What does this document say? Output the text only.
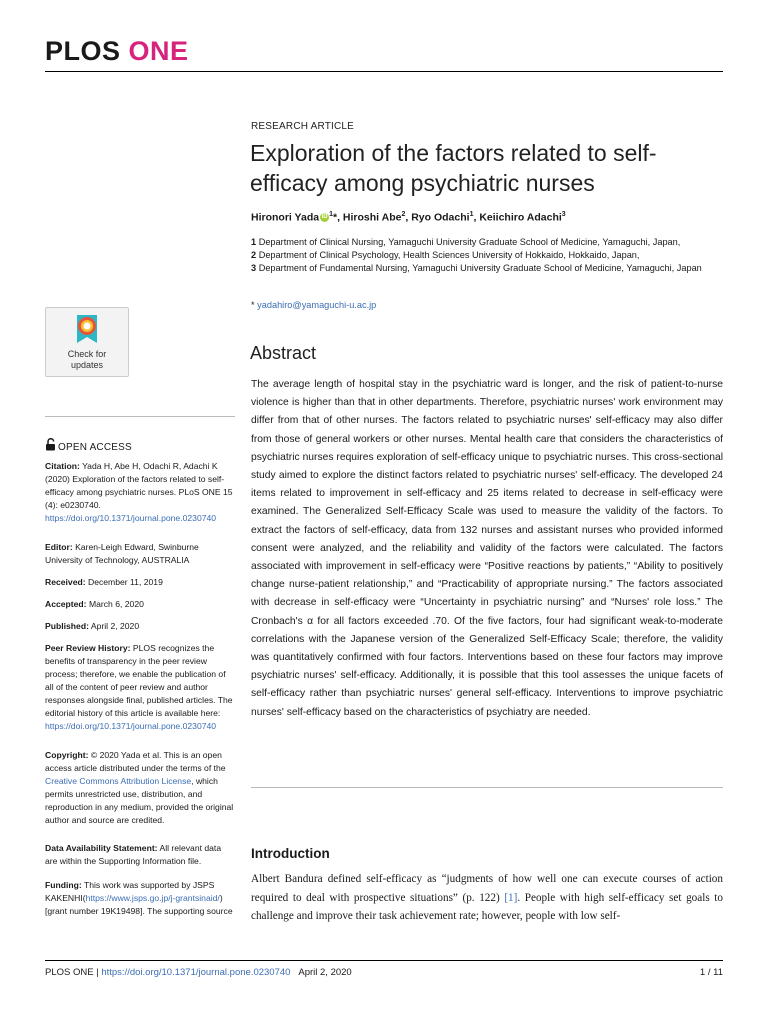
PLOS ONE
RESEARCH ARTICLE
Exploration of the factors related to self-efficacy among psychiatric nurses
Hironori Yada iD $^1$*, Hiroshi Abe$^2$, Ryo Odachi$^1$, Keiichiro Adachi$^3$
1 Department of Clinical Nursing, Yamaguchi University Graduate School of Medicine, Yamaguchi, Japan,
2 Department of Clinical Psychology, Health Sciences University of Hokkaido, Hokkaido, Japan,
3 Department of Fundamental Nursing, Yamaguchi University Graduate School of Medicine, Yamaguchi, Japan
* yadahiro@yamaguchi-u.ac.jp
Check for
updates
Abstract

The average length of hospital stay in the psychiatric ward is longer, and the risk of patient-to-nurse violence is higher than that in other departments. Therefore, psychiatric nurses' work environment may differ from that of other nurses. The factors related to psychiatric nurses' self-efficacy may also differ from those of general workers or other nurses. Mental health care that considers the characteristics of psychiatric nurses requires exploration of self-efficacy unique to psychiatric nurses. This cross-sectional study aimed to explore the distinct factors related to psychiatric nurses' self-efficacy. The developed 24 items related to improvement in self-efficacy and 25 items related to decrease in self-efficacy were examined. The Generalized Self-Efficacy Scale was used to measure the validity of the factors. To extract the factors of self-efficacy, data from 132 nurses and assistant nurses who provided informed consent were analyzed, and the reliability and validity of the factors were calculated. The factors associated with improvement in self-efficacy were “Positive reactions by patients,” “Ability to positively change nurse-patient relationship,” and “Practicability of appropriate nursing.” The factors associated with decrease in self-efficacy were “Uncertainty in psychiatric nursing” and “Nurses' role loss.” The Cronbach's α for all factors exceeded .70. Of the five factors, four had significant weak-to-moderate correlations with the Japanese version of the Generalized Self-Efficacy Scale; therefore, the validity was quantitatively confirmed with four factors. Interventions based on these four factors may improve psychiatric nurses' self-efficacy. Additionally, it is possible that this tool assesses the unique facets of self-efficacy rather than psychiatric nurses' general self-efficacy. Interventions to improve psychiatric nurses' self-efficacy based on the characteristics of psychiatry are needed.

Introduction

Albert Bandura defined self-efficacy as “judgments of how well one can execute courses of action required to deal with prospective situations” (p. 122) [1]. People with high self-efficacy set goals to challenge and improve their task achievement rate; however, people with low self-

OPEN ACCESS

Citation: Yada H, Abe H, Odachi R, Adachi K (2020) Exploration of the factors related to self-efficacy among psychiatric nurses. PLoS ONE 15 (4): e0230740. https://doi.org/10.1371/journal.pone.0230740

Editor: Karen-Leigh Edward, Swinburne University of Technology, AUSTRALIA

Received: December 11, 2019

Accepted: March 6, 2020

Published: April 2, 2020

Peer Review History: PLOS recognizes the benefits of transparency in the peer review process; therefore, we enable the publication of all of the content of peer review and author responses alongside final, published articles. The editorial history of this article is available here: https://doi.org/10.1371/journal.pone.0230740

Copyright: © 2020 Yada et al. This is an open access article distributed under the terms of the Creative Commons Attribution License, which permits unrestricted use, distribution, and reproduction in any medium, provided the original author and source are credited.

Data Availability Statement: All relevant data are within the Supporting Information file.

Funding: This work was supported by JSPS KAKENHI(https://www.jsps.go.jp/j-grantsinaid/) [grant number 19K19498]. The supporting source

PLOS ONE | https://doi.org/10.1371/journal.pone.0230740 April 2, 2020	1 / 11
